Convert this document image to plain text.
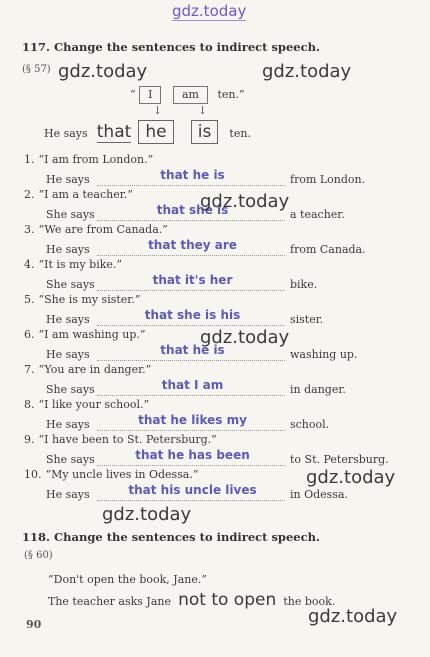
gdz.today
117. Change the sentences to indirect speech.
(§ 57) gdz.today	gdz.today
“ I	am ten.”
↓	↓
He says that he is ten.
1. “I am from London.”
He says	that he is	from London.
2. “I am a teacher.”
She says	that she is	a teacher.
3. “We are from Canada.”
He says	that they are	from Canada.
4. “It is my bike.”
She says	that it's her	bike.
5. “She is my sister.”
He says	that she is his	sister.
6. “I am washing up.”
He says	that he is	washing up.
7. “You are in danger.”
She says	that I am	in danger.
8. “I like your school.”
He says	that he likes my	school.
9. “I have been to St. Petersburg.”
She says	that he has been	to St. Petersburg.
10. “My uncle lives in Odessa.”
He says	that his uncle lives	in Odessa.
gdz.today
gdz.today
gdz.today
gdz.today
118. Change the sentences to indirect speech.
(§ 60)
“Don't open the book, Jane.”
The teacher asks Jane not to open the book.
gdz.today
90
